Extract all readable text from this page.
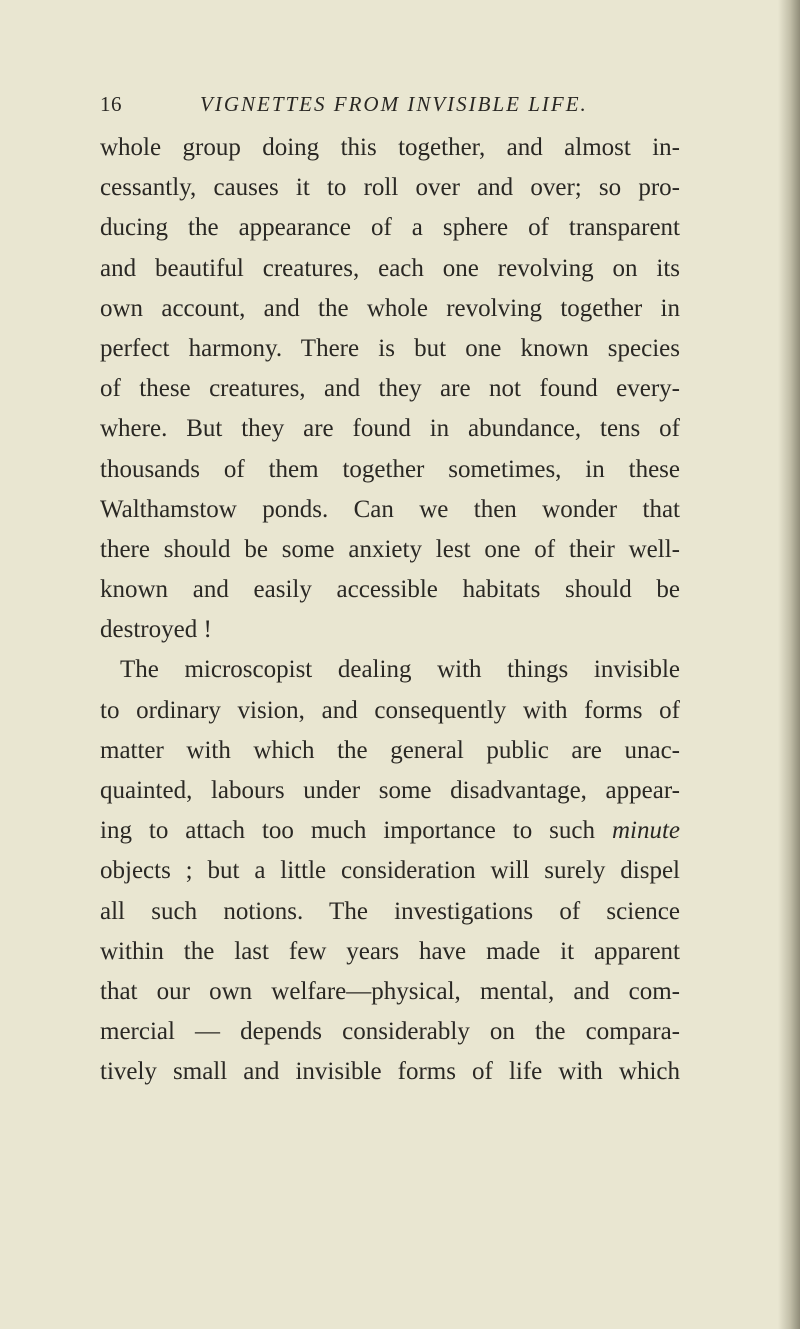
16	VIGNETTES FROM INVISIBLE LIFE.
whole group doing this together, and almost in-
cessantly, causes it to roll over and over; so pro-
ducing the appearance of a sphere of transparent
and beautiful creatures, each one revolving on its
own account, and the whole revolving together in
perfect harmony. There is but one known species
of these creatures, and they are not found every-
where. But they are found in abundance, tens of
thousands of them together sometimes, in these
Walthamstow ponds. Can we then wonder that
there should be some anxiety lest one of their well-
known and easily accessible habitats should be
destroyed !
The microscopist dealing with things invisible
to ordinary vision, and consequently with forms of
matter with which the general public are unac-
quainted, labours under some disadvantage, appear-
ing to attach too much importance to such minute
objects ; but a little consideration will surely dispel
all such notions. The investigations of science
within the last few years have made it apparent
that our own welfare—physical, mental, and com-
mercial — depends considerably on the compara-
tively small and invisible forms of life with which
